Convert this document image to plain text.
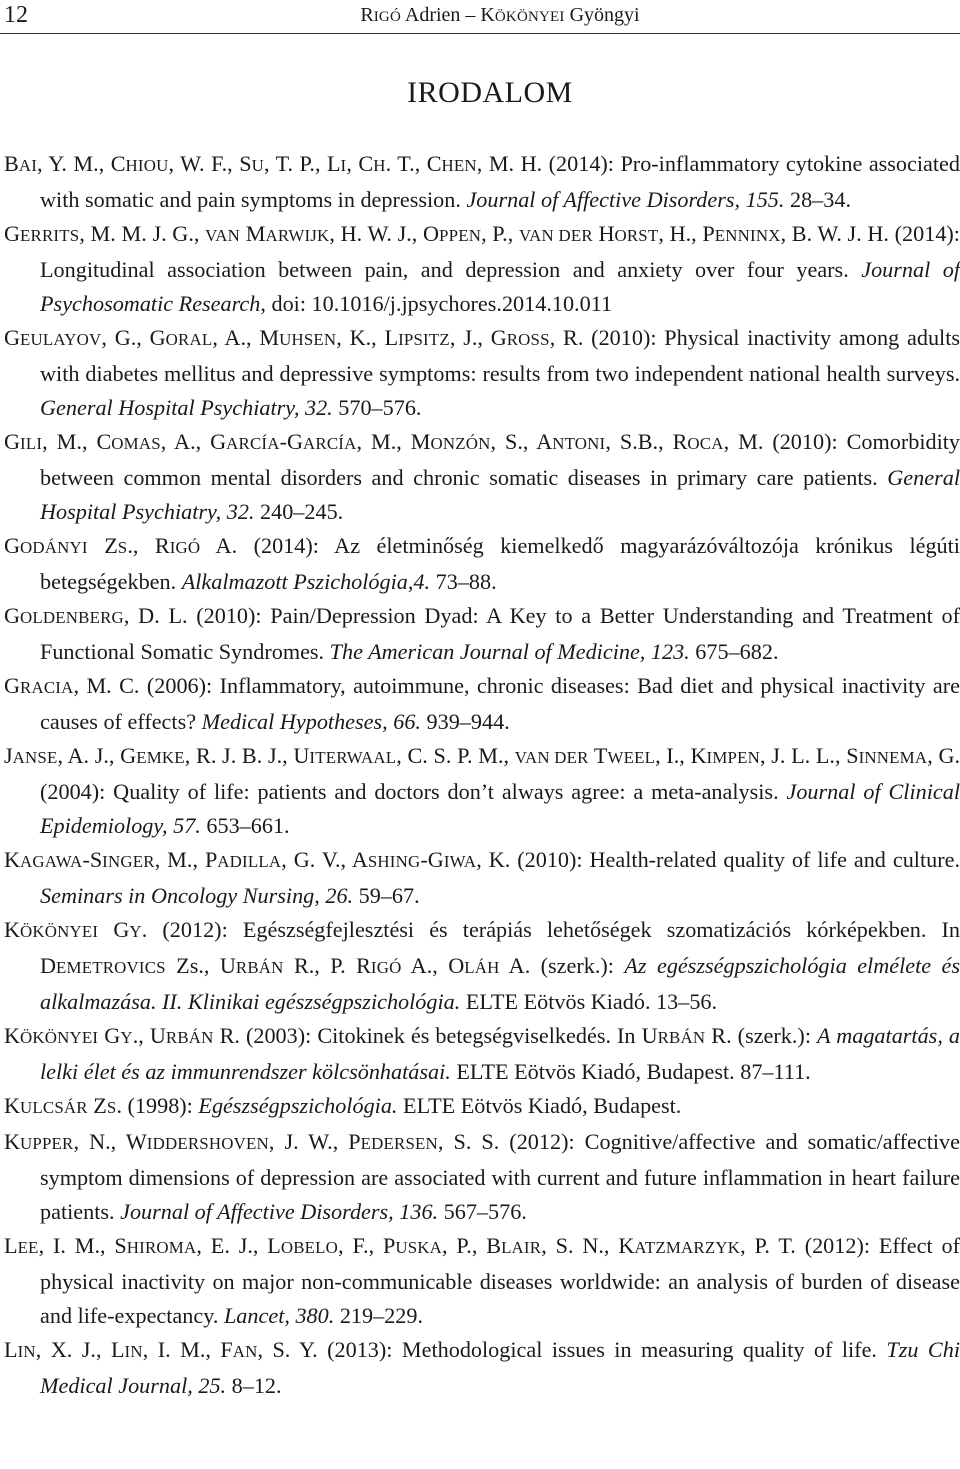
12	RIGÓ Adrien – KÖKÖNYEI Gyöngyi
IRODALOM

BAI, Y. M., CHIOU, W. F., SU, T. P., LI, CH. T., CHEN, M. H. (2014): Pro-inflammatory cytokine associated with somatic and pain symptoms in depression. Journal of Affective Disorders, 155. 28–34.

GERRITS, M. M. J. G., VAN MARWIJK, H. W. J., OPPEN, P., VAN DER HORST, H., PENNINX, B. W. J. H. (2014): Longitudinal association between pain, and depression and anxiety over four years. Journal of Psychosomatic Research, doi: 10.1016/j.jpsychores.2014.10.011

GEULAYOV, G., GORAL, A., MUHSEN, K., LIPSITZ, J., GROSS, R. (2010): Physical inactivity among adults with diabetes mellitus and depressive symptoms: results from two independent national health surveys. General Hospital Psychiatry, 32. 570–576.

GILI, M., COMAS, A., GARCÍA-GARCÍA, M., MONZÓN, S., ANTONI, S.B., ROCA, M. (2010): Comorbidity between common mental disorders and chronic somatic diseases in primary care patients. General Hospital Psychiatry, 32. 240–245.

GODÁNYI ZS., RIGÓ A. (2014): Az életminőség kiemelkedő magyarázóváltozója krónikus légúti betegségekben. Alkalmazott Pszichológia,4. 73–88.

GOLDENBERG, D. L. (2010): Pain/Depression Dyad: A Key to a Better Understanding and Treatment of Functional Somatic Syndromes. The American Journal of Medicine, 123. 675–682.

GRACIA, M. C. (2006): Inflammatory, autoimmune, chronic diseases: Bad diet and physical inactivity are causes of effects? Medical Hypotheses, 66. 939–944.

JANSE, A. J., GEMKE, R. J. B. J., UITERWAAL, C. S. P. M., VAN DER TWEEL, I., KIMPEN, J. L. L., SINNEMA, G. (2004): Quality of life: patients and doctors don’t always agree: a meta-analysis. Journal of Clinical Epidemiology, 57. 653–661.

KAGAWA-SINGER, M., PADILLA, G. V., ASHING-GIWA, K. (2010): Health-related quality of life and culture. Seminars in Oncology Nursing, 26. 59–67.

KÖKÖNYEI GY. (2012): Egészségfejlesztési és terápiás lehetőségek szomatizációs kórképekben. In DEMETROVICS Zs., URBÁN R., P. RIGÓ A., OLÁH A. (szerk.): Az egészségpszichológia elmélete és alkalmazása. II. Klinikai egészségpszichológia. ELTE Eötvös Kiadó. 13–56.

KÖKÖNYEI GY., URBÁN R. (2003): Citokinek és betegségviselkedés. In URBÁN R. (szerk.): A magatartás, a lelki élet és az immunrendszer kölcsönhatásai. ELTE Eötvös Kiadó, Budapest. 87–111.

KULCSÁR ZS. (1998): Egészségpszichológia. ELTE Eötvös Kiadó, Budapest.

KUPPER, N., WIDDERSHOVEN, J. W., PEDERSEN, S. S. (2012): Cognitive/affective and somatic/affective symptom dimensions of depression are associated with current and future inflammation in heart failure patients. Journal of Affective Disorders, 136. 567–576.

LEE, I. M., SHIROMA, E. J., LOBELO, F., PUSKA, P., BLAIR, S. N., KATZMARZYK, P. T. (2012): Effect of physical inactivity on major non-communicable diseases worldwide: an analysis of burden of disease and life-expectancy. Lancet, 380. 219–229.

LIN, X. J., LIN, I. M., FAN, S. Y. (2013): Methodological issues in measuring quality of life. Tzu Chi Medical Journal, 25. 8–12.
